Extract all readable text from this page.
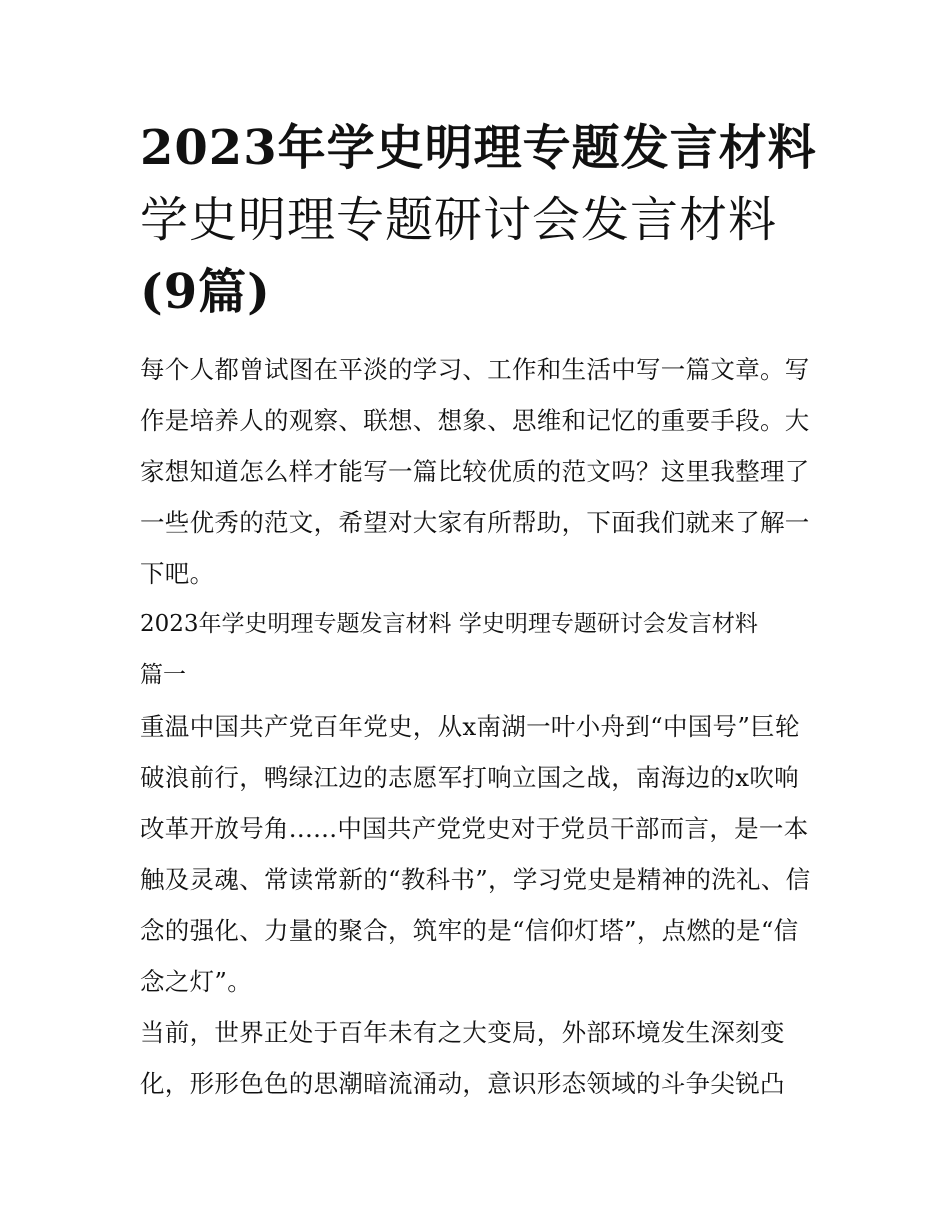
2023年学史明理专题发言材料
学史明理专题研讨会发言材料
(9篇)

每个人都曾试图在平淡的学习、工作和生活中写一篇文章。写
作是培养人的观察、联想、想象、思维和记忆的重要手段。大
家想知道怎么样才能写一篇比较优质的范文吗？这里我整理了
一些优秀的范文，希望对大家有所帮助，下面我们就来了解一
下吧。

2023年学史明理专题发言材料 学史明理专题研讨会发言材料
篇一

重温中国共产党百年党史，从x南湖一叶小舟到“中国号”巨轮
破浪前行，鸭绿江边的志愿军打响立国之战，南海边的x吹响
改革开放号角......中国共产党党史对于党员干部而言，是一本
触及灵魂、常读常新的“教科书”，学习党史是精神的洗礼、信
念的强化、力量的聚合，筑牢的是“信仰灯塔”，点燃的是“信
念之灯”。

当前，世界正处于百年未有之大变局，外部环境发生深刻变
化，形形色色的思潮暗流涌动，意识形态领域的斗争尖锐凸
